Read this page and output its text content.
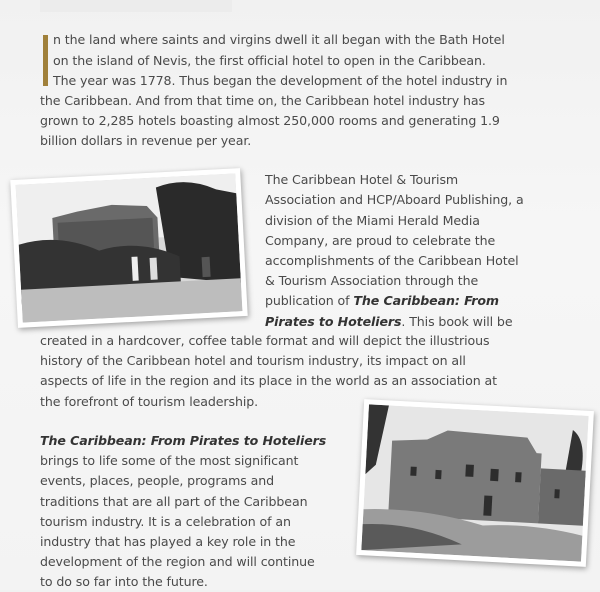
n the land where saints and virgins dwell it all began with the Bath Hotel
on the island of Nevis, the first official hotel to open in the Caribbean.
The year was 1778. Thus began the development of the hotel industry in
the Caribbean. And from that time on, the Caribbean hotel industry has
grown to 2,285 hotels boasting almost 250,000 rooms and generating 1.9
billion dollars in revenue per year.
The Caribbean Hotel & Tourism
Association and HCP/Aboard Publishing, a
division of the Miami Herald Media
Company, are proud to celebrate the
accomplishments of the Caribbean Hotel
& Tourism Association through the
publication of The Caribbean: From
Pirates to Hoteliers. This book will be
created in a hardcover, coffee table format and will depict the illustrious
history of the Caribbean hotel and tourism industry, its impact on all
aspects of life in the region and its place in the world as an association at
the forefront of tourism leadership.
The Caribbean: From Pirates to Hoteliers
brings to life some of the most significant
events, places, people, programs and
traditions that are all part of the Caribbean
tourism industry. It is a celebration of an
industry that has played a key role in the
development of the region and will continue
to do so far into the future.
